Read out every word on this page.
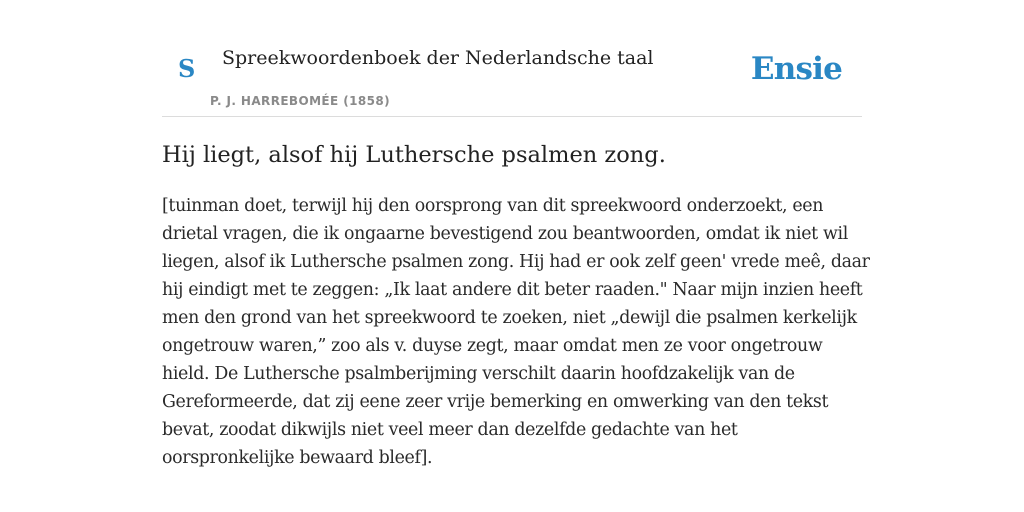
S Spreekwoordenboek der Nederlandsche taal
P. J. HARREBOMÉE (1858)
Ensie
Hij liegt, alsof hij Luthersche psalmen zong.
[tuinman doet, terwijl hij den oorsprong van dit spreekwoord onderzoekt, een
drietal vragen, die ik ongaarne bevestigend zou beantwoorden, omdat ik niet wil
liegen, alsof ik Luthersche psalmen zong. Hij had er ook zelf geen' vrede meê, daar
hij eindigt met te zeggen: „Ik laat andere dit beter raaden." Naar mijn inzien heeft
men den grond van het spreekwoord te zoeken, niet „dewijl die psalmen kerkelijk
ongetrouw waren,” zoo als v. duyse zegt, maar omdat men ze voor ongetrouw
hield. De Luthersche psalmberijming verschilt daarin hoofdzakelijk van de
Gereformeerde, dat zij eene zeer vrije bemerking en omwerking van den tekst
bevat, zoodat dikwijls niet veel meer dan dezelfde gedachte van het
oorspronkelijke bewaard bleef].
